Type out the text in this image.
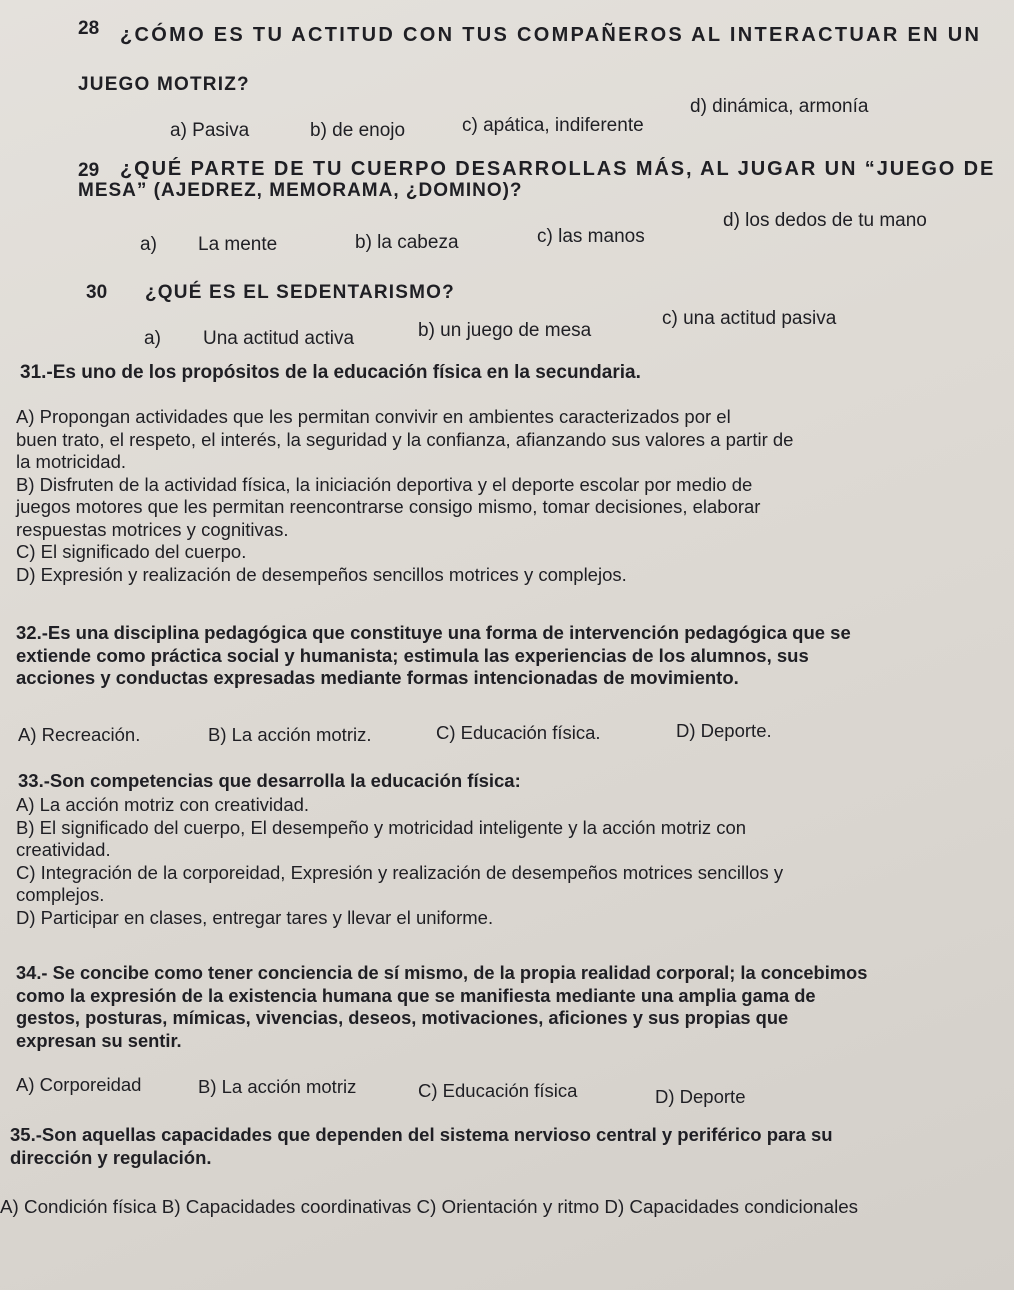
28 ¿CÓMO ES TU ACTITUD CON TUS COMPAÑEROS AL INTERACTUAR EN UN
JUEGO MOTRIZ?
a) Pasiva	b) de enojo	c) apática, indiferente
d) dinámica, armonía
29 ¿QUÉ PARTE DE TU CUERPO DESARROLLAS MÁS, AL JUGAR UN “JUEGO DE
MESA” (AJEDREZ, MEMORAMA, ¿DOMINO)?
a) La mente	b) la cabeza	c) las manos
d) los dedos de tu mano
30 ¿QUÉ ES EL SEDENTARISMO?
a) Una actitud activa	b) un juego de mesa
c) una actitud pasiva
31.-Es uno de los propósitos de la educación física en la secundaria.
A) Propongan actividades que les permitan convivir en ambientes caracterizados por el
buen trato, el respeto, el interés, la seguridad y la confianza, afianzando sus valores a partir de
la motricidad.
B) Disfruten de la actividad física, la iniciación deportiva y el deporte escolar por medio de
juegos motores que les permitan reencontrarse consigo mismo, tomar decisiones, elaborar
respuestas motrices y cognitivas.
C) El significado del cuerpo.
D) Expresión y realización de desempeños sencillos motrices y complejos.
32.-Es una disciplina pedagógica que constituye una forma de intervención pedagógica que se
extiende como práctica social y humanista; estimula las experiencias de los alumnos, sus
acciones y conductas expresadas mediante formas intencionadas de movimiento.
A) Recreación.	B) La acción motriz.	C) Educación física.	D) Deporte.
33.-Son competencias que desarrolla la educación física:
A) La acción motriz con creatividad.
B) El significado del cuerpo, El desempeño y motricidad inteligente y la acción motriz con
creatividad.
C) Integración de la corporeidad, Expresión y realización de desempeños motrices sencillos y
complejos.
D) Participar en clases, entregar tares y llevar el uniforme.
34.- Se concibe como tener conciencia de sí mismo, de la propia realidad corporal; la concebimos
como la expresión de la existencia humana que se manifiesta mediante una amplia gama de
gestos, posturas, mímicas, vivencias, deseos, motivaciones, aficiones y sus propias que
expresan su sentir.
A) Corporeidad	B) La acción motriz	C) Educación física	D) Deporte
35.-Son aquellas capacidades que dependen del sistema nervioso central y periférico para su
dirección y regulación.
A) Condición física B) Capacidades coordinativas C) Orientación y ritmo D) Capacidades condicionales
